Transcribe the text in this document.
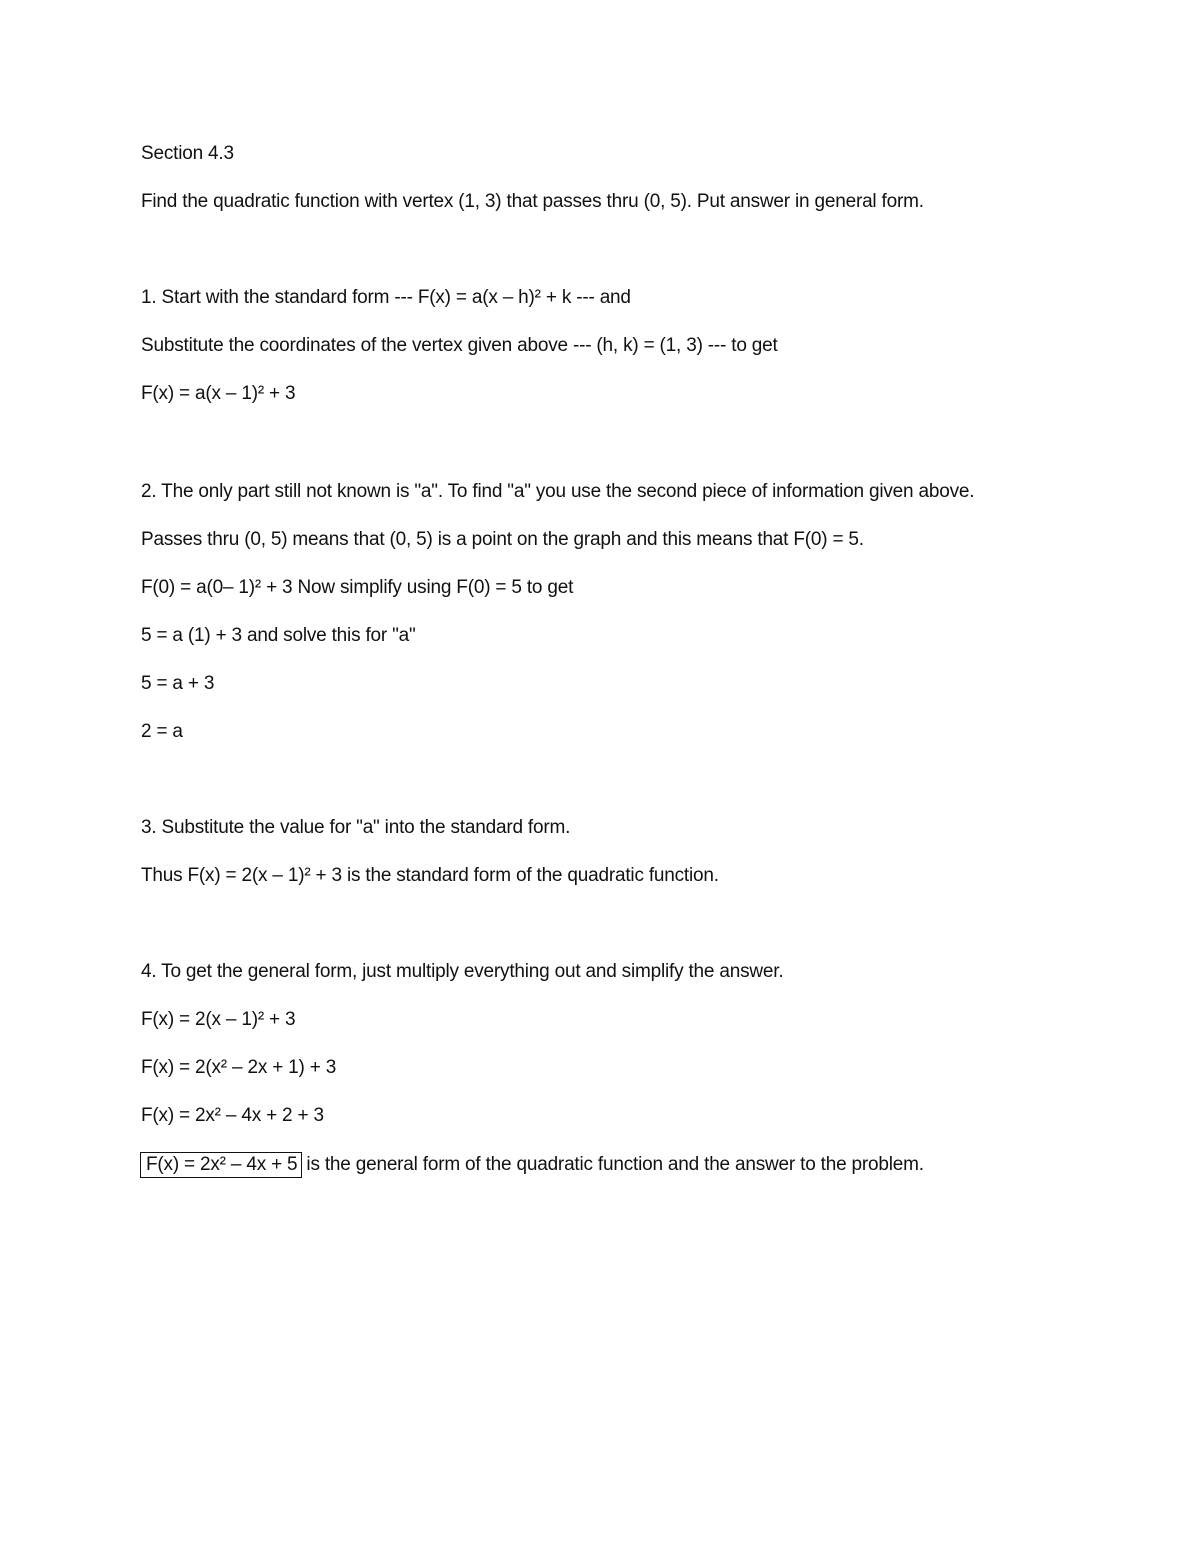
Section 4.3
Find the quadratic function with vertex (1, 3) that passes thru (0, 5). Put answer in general form.
1. Start with the standard form --- F(x) = a(x – h)² + k --- and
Substitute the coordinates of the vertex given above --- (h, k) = (1, 3) --- to get
F(x) = a(x – 1)² + 3
2. The only part still not known is "a". To find "a" you use the second piece of information given above.
Passes thru (0, 5) means that (0, 5) is a point on the graph and this means that F(0) = 5.
F(0) = a(0– 1)² + 3 Now simplify using F(0) = 5 to get
5 = a (1) + 3 and solve this for "a"
5 = a + 3
2 = a
3. Substitute the value for "a" into the standard form.
Thus F(x) = 2(x – 1)² + 3 is the standard form of the quadratic function.
4. To get the general form, just multiply everything out and simplify the answer.
F(x) = 2(x – 1)² + 3
F(x) = 2(x² – 2x + 1) + 3
F(x) = 2x² – 4x + 2 + 3
F(x) = 2x² – 4x + 5 is the general form of the quadratic function and the answer to the problem.
